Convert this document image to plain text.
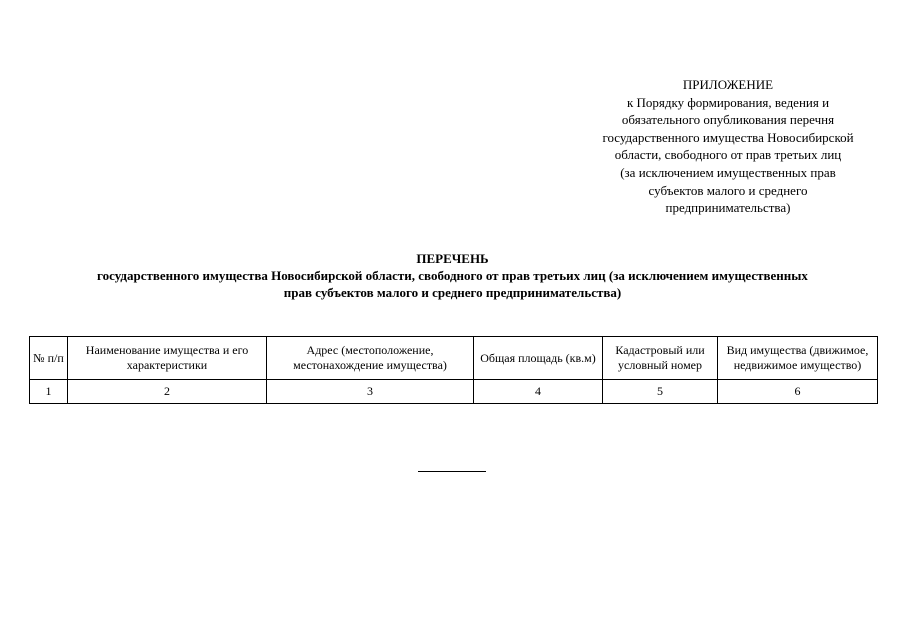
ПРИЛОЖЕНИЕ
к Порядку формирования, ведения и
обязательного опубликования перечня
государственного имущества Новосибирской
области, свободного от прав третьих лиц
(за исключением имущественных прав
субъектов малого и среднего
предпринимательства)
ПЕРЕЧЕНЬ
государственного имущества Новосибирской области, свободного от прав третьих лиц (за исключением имущественных
прав субъектов малого и среднего предпринимательства)
№ п/п	Наименование имущества и его характеристики	Адрес (местоположение, местонахождение имущества)	Общая площадь (кв.м)	Кадастровый или условный номер	Вид имущества (движимое, недвижимое имущество)
1	2	3	4	5	6
